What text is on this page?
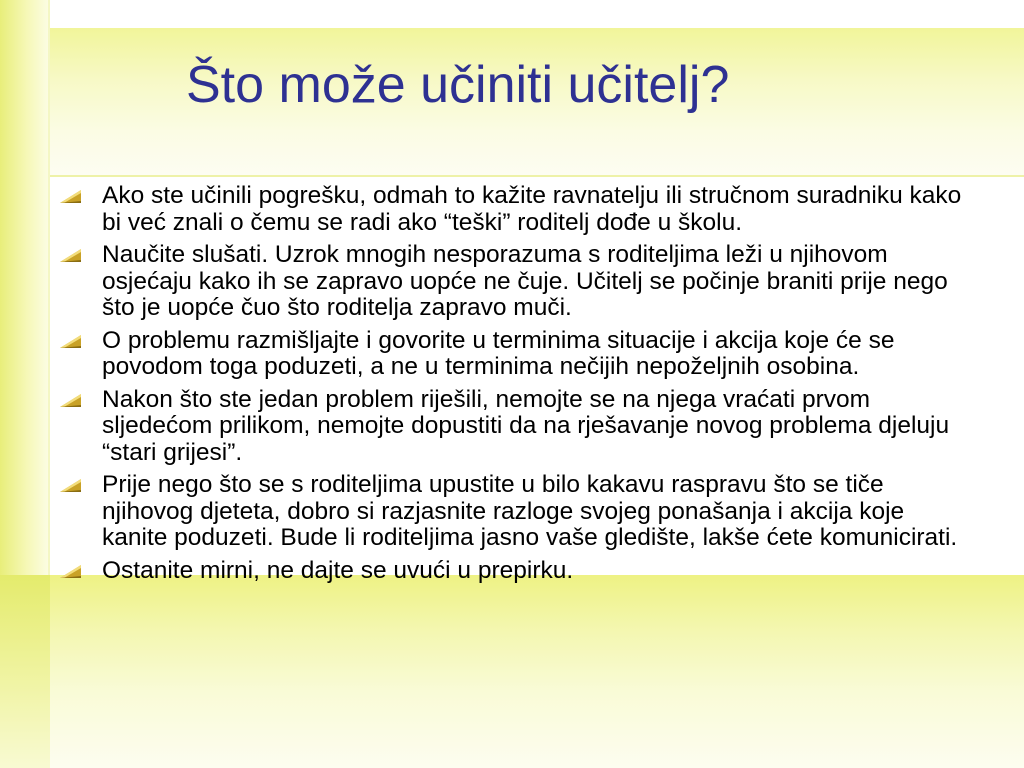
Što može učiniti učitelj?
Ako ste učinili pogrešku, odmah to kažite ravnatelju ili stručnom suradniku kako bi već znali o čemu se radi ako “teški” roditelj dođe u školu.
Naučite slušati. Uzrok mnogih nesporazuma s roditeljima leži u njihovom osjećaju kako ih se zapravo uopće ne čuje. Učitelj se počinje braniti prije nego što je uopće čuo što roditelja zapravo muči.
O problemu razmišljajte i govorite u terminima situacije i akcija koje će se povodom toga poduzeti, a ne u terminima nečijih nepoželjnih osobina.
Nakon što ste jedan problem riješili, nemojte se na njega vraćati prvom sljedećom prilikom, nemojte dopustiti da na rješavanje novog problema djeluju “stari grijesi”.
Prije nego što se s roditeljima upustite u bilo kakavu raspravu što se tiče njihovog djeteta, dobro si razjasnite razloge svojeg ponašanja i akcija koje kanite poduzeti. Bude li roditeljima jasno vaše gledište, lakše ćete komunicirati.
Ostanite mirni, ne dajte se uvući u prepirku.
